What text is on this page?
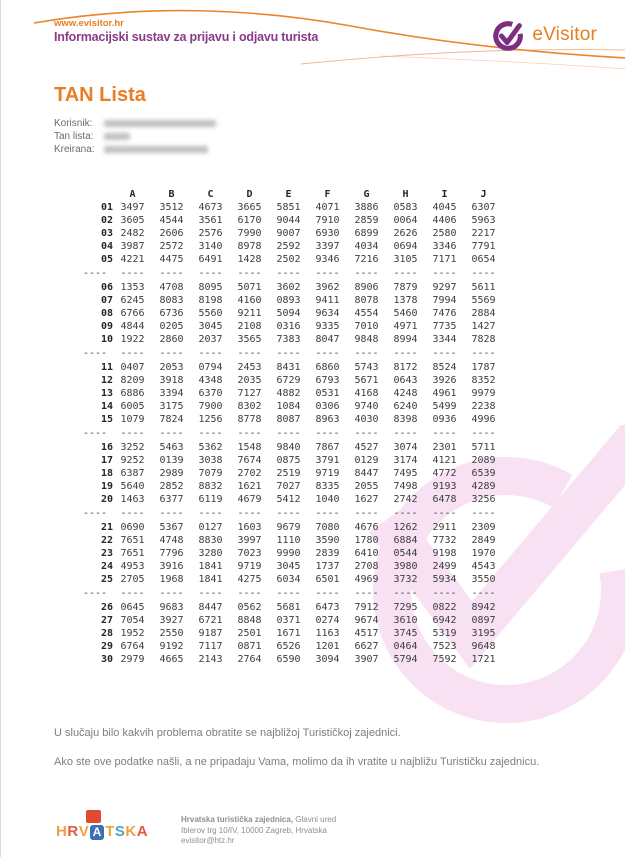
www.evisitor.hr
Informacijski sustav za prijavu i odjavu turista	eVisitor
TAN Lista
Korisnik:
Tan lista:
Kreirana:
A	B	C	D	E	F	G	H	I	J
01 3497	3512	4673	3665	5851	4071	3886	0583	4045	6307
02 3605	4544	3561	6170	9044	7910	2859	0064	4406	5963
03 2482	2606	2576	7990	9007	6930	6899	2626	2580	2217
04 3987	2572	3140	8978	2592	3397	4034	0694	3346	7791
05 4221	4475	6491	1428	2502	9346	7216	3105	7171	0654
----	----	----	----	----	----	----	----	----	----	----
06 1353	4708	8095	5071	3602	3962	8906	7879	9297	5611
07 6245	8083	8198	4160	0893	9411	8078	1378	7994	5569
08 6766	6736	5560	9211	5094	9634	4554	5460	7476	2884
09 4844	0205	3045	2108	0316	9335	7010	4971	7735	1427
10 1922	2860	2037	3565	7383	8047	9848	8994	3344	7828
----	----	----	----	----	----	----	----	----	----	----
11 0407	2053	0794	2453	8431	6860	5743	8172	8524	1787
12 8209	3918	4348	2035	6729	6793	5671	0643	3926	8352
13 6886	3394	6370	7127	4882	0531	4168	4248	4961	9979
14 6005	3175	7900	8302	1084	0306	9740	6240	5499	2238
15 1079	7824	1256	8778	8087	8963	4030	8398	0936	4996
----	----	----	----	----	----	----	----	----	----	----
16 3252	5463	5362	1548	9840	7867	4527	3074	2301	5711
17 9252	0139	3038	7674	0875	3791	0129	3174	4121	2089
18 6387	2989	7079	2702	2519	9719	8447	7495	4772	6539
19 5640	2852	8832	1621	7027	8335	2055	7498	9193	4289
20 1463	6377	6119	4679	5412	1040	1627	2742	6478	3256
----	----	----	----	----	----	----	----	----	----	----
21 0690	5367	0127	1603	9679	7080	4676	1262	2911	2309
22 7651	4748	8830	3997	1110	3590	1780	6884	7732	2849
23 7651	7796	3280	7023	9990	2839	6410	0544	9198	1970
24 4953	3916	1841	9719	3045	1737	2708	3980	2499	4543
25 2705	1968	1841	4275	6034	6501	4969	3732	5934	3550
----	----	----	----	----	----	----	----	----	----	----
26 0645	9683	8447	0562	5681	6473	7912	7295	0822	8942
27 7054	3927	6721	8848	0371	0274	9674	3610	6942	0897
28 1952	2550	9187	2501	1671	1163	4517	3745	5319	3195
29 6764	9192	7117	0871	6526	1201	6627	0464	7523	9648
30 2979	4665	2143	2764	6590	3094	3907	5794	7592	1721
U slučaju bilo kakvih problema obratite se najbližoj Turističkoj zajednici.
Ako ste ove podatke našli, a ne pripadaju Vama, molimo da ih vratite u najbližu Turističku zajednicu.
H R V A T S K A
Hrvatska turistička zajednica, Glavni ured
Iblerov trg 10/IV, 10000 Zagreb, Hrvatska
evisitor@htz.hr
